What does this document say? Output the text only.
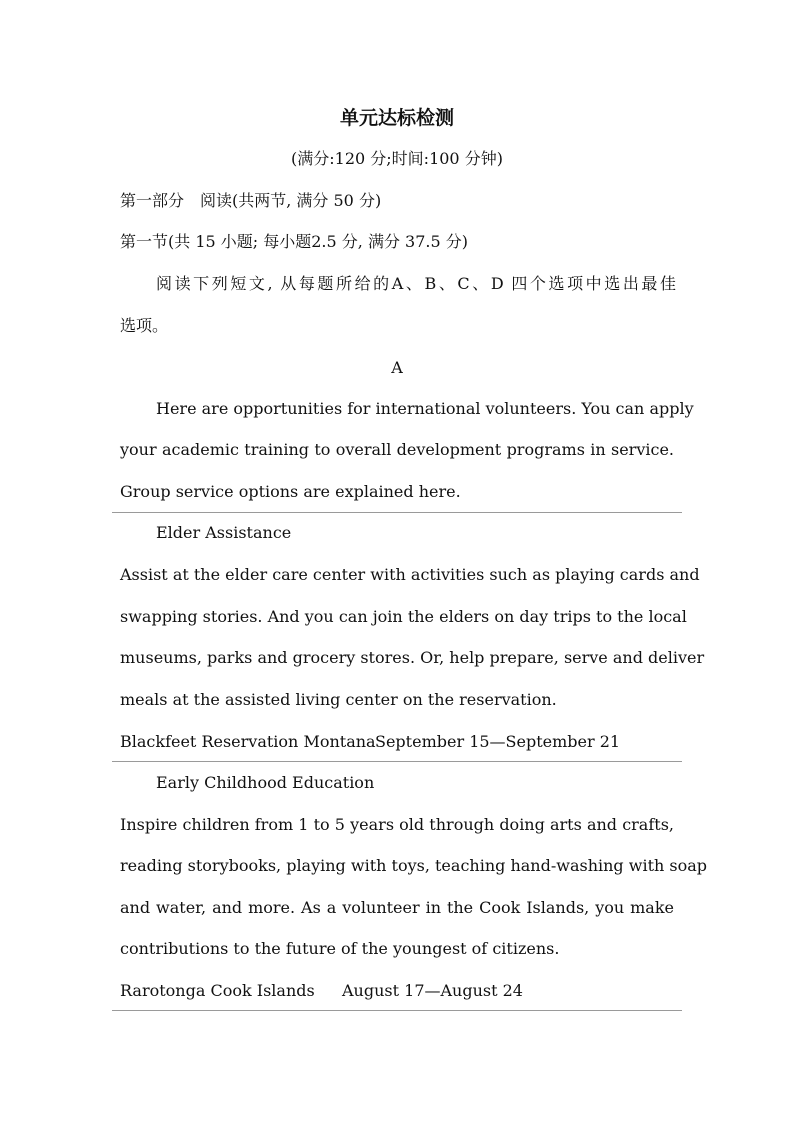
单元达标检测
(满分:120 分;时间:100 分钟)
第一部分　阅读(共两节, 满分 50 分)
第一节(共 15 小题; 每小题2.5 分, 满分 37.5 分)
阅读下列短文, 从每题所给的A、B、C、D 四个选项中选出最佳
选项。
A
Here are opportunities for international volunteers. You can apply
your academic training to overall development programs in service.
Group service options are explained here.
Elder Assistance
Assist at the elder care center with activities such as playing cards and
swapping stories. And you can join the elders on day trips to the local
museums, parks and grocery stores. Or, help prepare, serve and deliver
meals at the assisted living center on the reservation.
Blackfeet Reservation Montana September 15—September 21
Early Childhood Education
Inspire children from 1 to 5 years old through doing arts and crafts,
reading storybooks, playing with toys, teaching hand-washing with soap
and water, and more. As a volunteer in the Cook Islands, you make
contributions to the future of the youngest of citizens.
Rarotonga Cook Islands August 17—August 24
